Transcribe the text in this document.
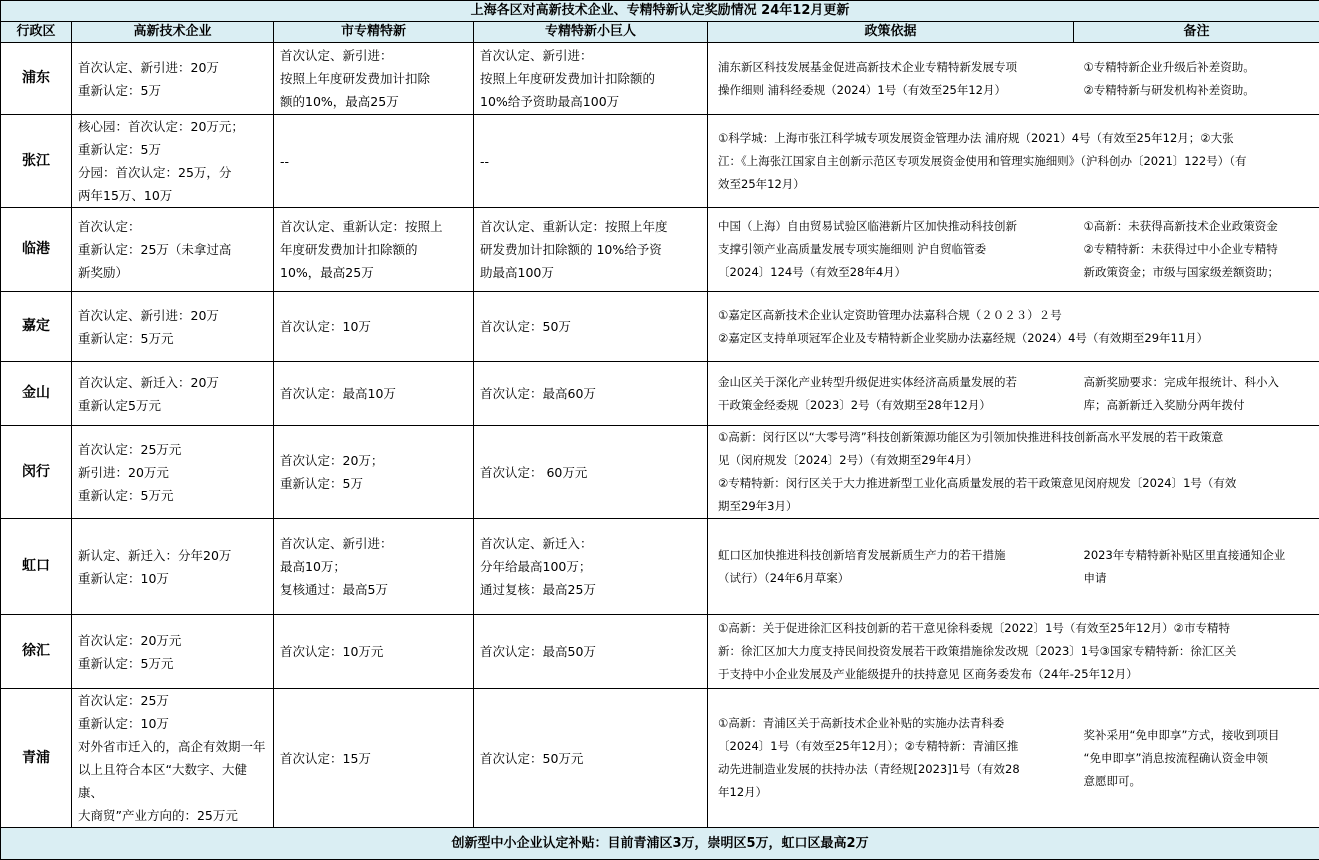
上海各区对高新技术企业、专精特新认定奖励情况 24年12月更新					
行政区	高新技术企业	市专精特新	专精特新小巨人	政策依据	备注
浦东	首次认定、新引进：20万
重新认定：5万	首次认定、新引进：
按照上年度研发费加计扣除
额的10%，最高25万	首次认定、新引进：
按照上年度研发费加计扣除额的
10%给予资助最高100万	浦东新区科技发展基金促进高新技术企业专精特新发展专项
操作细则 浦科经委规（2024）1号（有效至25年12月）	①专精特新企业升级后补差资助。
②专精特新与研发机构补差资助。

张江	核心园：首次认定：20万元；
重新认定：5万
分园：首次认定：25万，分
两年15万、10万	--	--	①科学城：上海市张江科学城专项发展资金管理办法 浦府规（2021）4号（有效至25年12月；②大张
江：《上海张江国家自主创新示范区专项发展资金使用和管理实施细则》（沪科创办〔2021〕122号）（有
效至25年12月）	

临港	首次认定：
重新认定：25万（未拿过高
新奖励）	首次认定、重新认定：按照上
年度研发费加计扣除额的
10%，最高25万	首次认定、重新认定：按照上年度
研发费加计扣除额的 10%给予资
助最高100万	中国（上海）自由贸易试验区临港新片区加快推动科技创新
支撑引领产业高质量发展专项实施细则 沪自贸临管委
〔2024〕124号（有效至28年4月）	①高新：未获得高新技术企业政策资金
②专精特新：未获得过中小企业专精特
新政策资金；市级与国家级差额资助；

嘉定	首次认定、新引进：20万
重新认定：5万元	首次认定：10万	首次认定：50万	①嘉定区高新技术企业认定资助管理办法嘉科合规（２０２３）２号
②嘉定区支持单项冠军企业及专精特新企业奖励办法嘉经规（2024）4号（有效期至29年11月）	

金山	首次认定、新迁入：20万
重新认定5万元	首次认定：最高10万	首次认定：最高60万	金山区关于深化产业转型升级促进实体经济高质量发展的若
干政策金经委规〔2023〕2号（有效期至28年12月）	高新奖励要求：完成年报统计、科小入
库；高新新迁入奖励分两年拨付

闵行	首次认定：25万元
新引进：20万元
重新认定：5万元	首次认定：20万；
重新认定：5万	首次认定： 60万元	①高新：闵行区以“大零号湾”科技创新策源功能区为引领加快推进科技创新高水平发展的若干政策意
见（闵府规发〔2024〕2号）（有效期至29年4月）
②专精特新：闵行区关于大力推进新型工业化高质量发展的若干政策意见闵府规发〔2024〕1号（有效
期至29年3月）	

虹口	新认定、新迁入：分年20万
重新认定：10万	首次认定、新引进：
最高10万；
复核通过：最高5万	首次认定、新迁入：
分年给最高100万；
通过复核：最高25万	虹口区加快推进科技创新培育发展新质生产力的若干措施
（试行）（24年6月草案）	2023年专精特新补贴区里直接通知企业
申请

徐汇	首次认定：20万元
重新认定：5万元	首次认定：10万元	首次认定：最高50万	①高新：关于促进徐汇区科技创新的若干意见徐科委规〔2022〕1号（有效至25年12月）②市专精特
新：徐汇区加大力度支持民间投资发展若干政策措施徐发改规〔2023〕1号③国家专精特新：徐汇区关
于支持中小企业发展及产业能级提升的扶持意见 区商务委发布（24年-25年12月）	

青浦	首次认定：25万
重新认定：10万
对外省市迁入的，高企有效期一年
以上且符合本区“大数字、大健康、
大商贸”产业方向的：25万元	首次认定：15万	首次认定：50万元	①高新：青浦区关于高新技术企业补贴的实施办法青科委
〔2024〕1号（有效至25年12月）；②专精特新：青浦区推
动先进制造业发展的扶持办法（青经规[2023]1号（有效28
年12月）	奖补采用“免申即享”方式，接收到项目
“免申即享”消息按流程确认资金申领
意愿即可。

创新型中小企业认定补贴：目前青浦区3万，崇明区5万，虹口区最高2万					
